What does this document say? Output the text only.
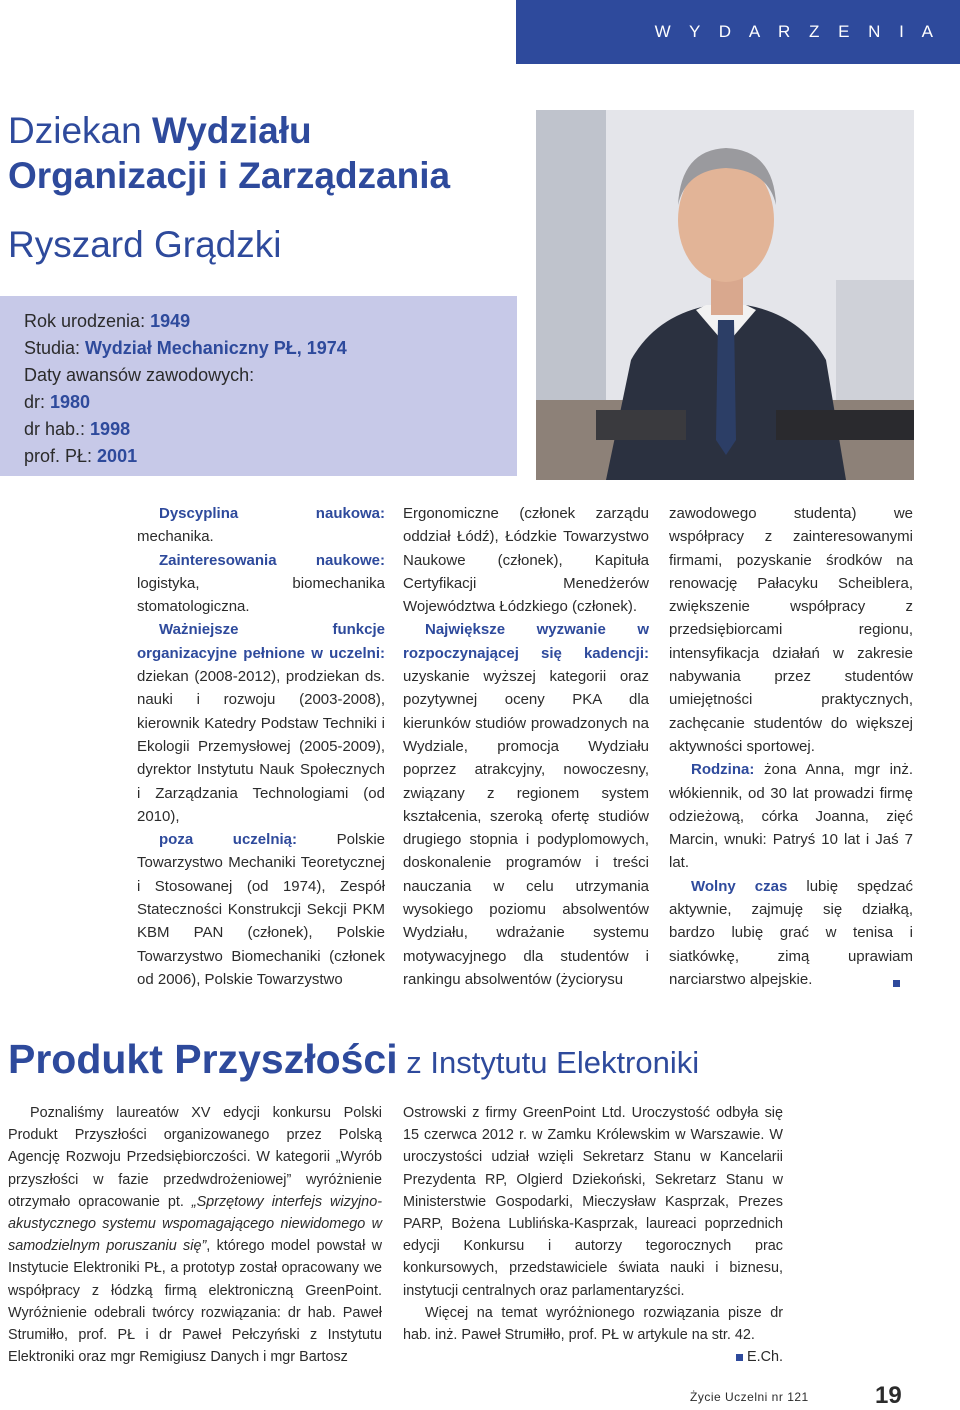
W Y D A R Z E N I A
Dziekan Wydziału
Organizacji i Zarządzania
Ryszard Grądzki
Rok urodzenia: 1949
Studia: Wydział Mechaniczny PŁ, 1974
Daty awansów zawodowych:
dr: 1980
dr hab.: 1998
prof. PŁ: 2001

Dyscyplina naukowa: mechanika.

Zainteresowania naukowe: logistyka, biomechanika stomatologiczna.

Ważniejsze funkcje organizacyjne pełnione w uczelni: dziekan (2008-2012), prodziekan ds. nauki i rozwoju (2003-2008), kierownik Katedry Podstaw Techniki i Ekologii Przemysłowej (2005-2009), dyrektor Instytutu Nauk Społecznych i Zarządzania Technologiami (od 2010),

poza uczelnią: Polskie Towarzystwo Mechaniki Teoretycznej i Stosowanej (od 1974), Zespół Stateczności Konstrukcji Sekcji PKM KBM PAN (członek), Polskie Towarzystwo Biomechaniki (członek od 2006), Polskie Towarzystwo

Ergonomiczne (członek zarządu oddział Łódź), Łódzkie Towarzystwo Naukowe (członek), Kapituła Certyfikacji Menedżerów Województwa Łódzkiego (członek).

Największe wyzwanie w rozpoczynającej się kadencji: uzyskanie wyższej kategorii oraz pozytywnej oceny PKA dla kierunków studiów prowadzonych na Wydziale, promocja Wydziału poprzez atrakcyjny, nowoczesny, związany z regionem system kształcenia, szeroką ofertę studiów drugiego stopnia i podyplomowych, doskonalenie programów i treści nauczania w celu utrzymania wysokiego poziomu absolwentów Wydziału, wdrażanie systemu motywacyjnego dla studentów i rankingu absolwentów (życiorysu

zawodowego studenta) we współpracy z zainteresowanymi firmami, pozyskanie środków na renowację Pałacyku Scheiblera, zwiększenie współpracy z przedsiębiorcami regionu, intensyfikacja działań w zakresie nabywania przez studentów umiejętności praktycznych, zachęcanie studentów do większej aktywności sportowej.

Rodzina: żona Anna, mgr inż. włókiennik, od 30 lat prowadzi firmę odzieżową, córka Joanna, zięć Marcin, wnuki: Patryś 10 lat i Jaś 7 lat.

Wolny czas lubię spędzać aktywnie, zajmuję się działką, bardzo lubię grać w tenisa i siatkówkę, zimą uprawiam narciarstwo alpejskie.

Produkt Przyszłości z Instytutu Elektroniki

Poznaliśmy laureatów XV edycji konkursu Polski Produkt Przyszłości organizowanego przez Polską Agencję Rozwoju Przedsiębiorczości. W kategorii „Wyrób przyszłości w fazie przedwdrożeniowej” wyróżnienie otrzymało opracowanie pt. „Sprzętowy interfejs wizyjno-akustycznego systemu wspomagającego niewidomego w samodzielnym poruszaniu się”, którego model powstał w Instytucie Elektroniki PŁ, a prototyp został opracowany we współpracy z łódzką firmą elektroniczną GreenPoint. Wyróżnienie odebrali twórcy rozwiązania: dr hab. Paweł Strumiłło, prof. PŁ i dr Paweł Pełczyński z Instytutu Elektroniki oraz mgr Remigiusz Danych i mgr Bartosz

Ostrowski z firmy GreenPoint Ltd. Uroczystość odbyła się 15 czerwca 2012 r. w Zamku Królewskim w Warszawie. W uroczystości udział wzięli Sekretarz Stanu w Kancelarii Prezydenta RP, Olgierd Dziekoński, Sekretarz Stanu w Ministerstwie Gospodarki, Mieczysław Kasprzak, Prezes PARP, Bożena Lublińska-Kasprzak, laureaci poprzednich edycji Konkursu i autorzy tegorocznych prac konkursowych, przedstawiciele świata nauki i biznesu, instytucji centralnych oraz parlamentaryzści.

Więcej na temat wyróżnionego rozwiązania pisze dr hab. inż. Paweł Strumiłło, prof. PŁ w artykule na str. 42.

E.Ch.

Życie Uczelni nr 121	19
